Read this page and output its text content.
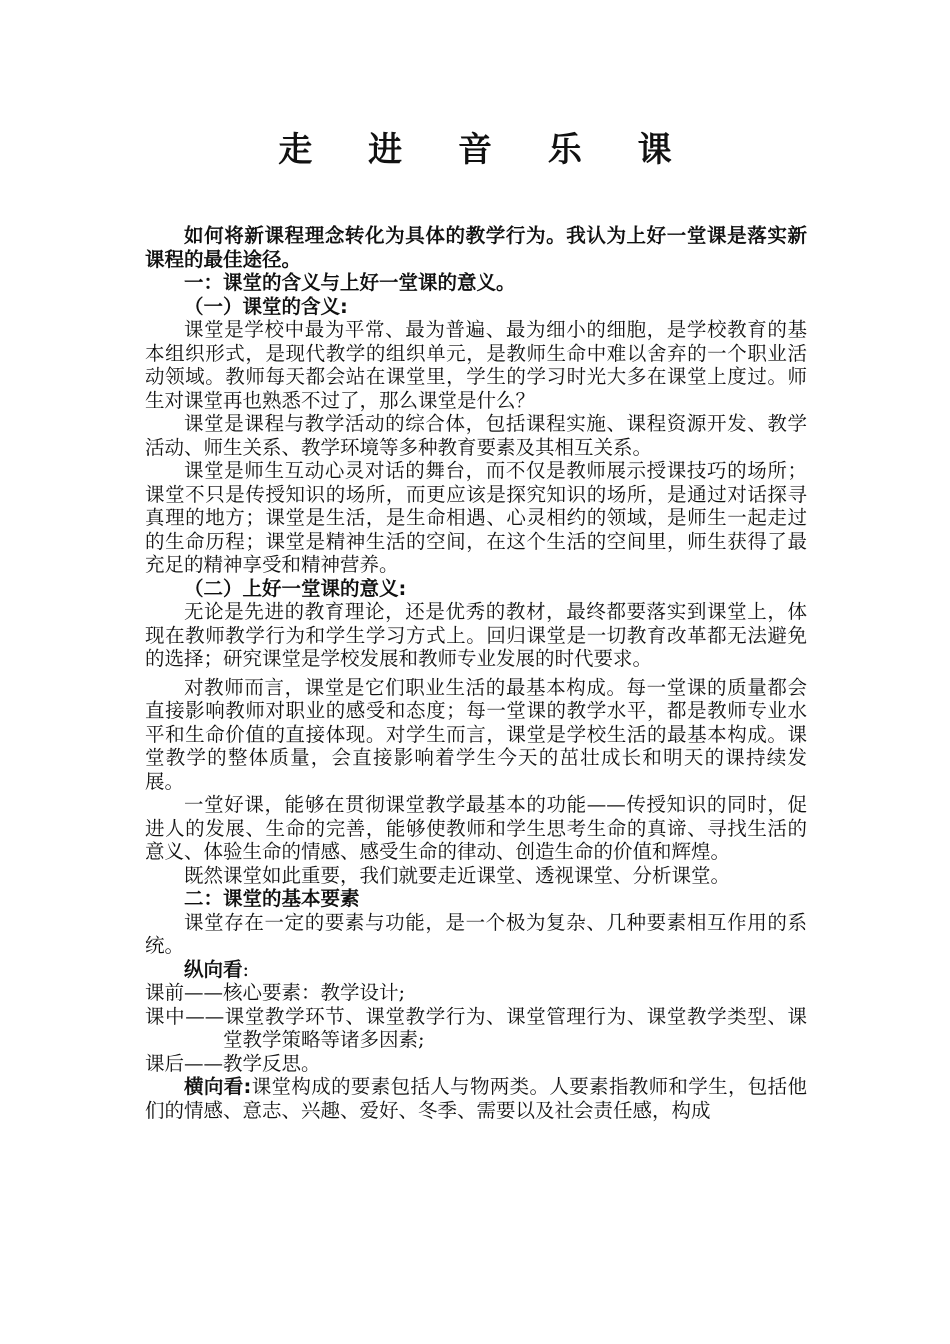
走 进 音 乐 课

如何将新课程理念转化为具体的教学行为。我认为上好一堂课是落实新课程的最佳途径。

一：课堂的含义与上好一堂课的意义。

（一）课堂的含义:

课堂是学校中最为平常、最为普遍、最为细小的细胞，是学校教育的基本组织形式，是现代教学的组织单元，是教师生命中难以舍弃的一个职业活动领域。教师每天都会站在课堂里，学生的学习时光大多在课堂上度过。师生对课堂再也熟悉不过了，那么课堂是什么？

课堂是课程与教学活动的综合体，包括课程实施、课程资源开发、教学活动、师生关系、教学环境等多种教育要素及其相互关系。

课堂是师生互动心灵对话的舞台，而不仅是教师展示授课技巧的场所；课堂不只是传授知识的场所，而更应该是探究知识的场所，是通过对话探寻真理的地方；课堂是生活，是生命相遇、心灵相约的领域，是师生一起走过的生命历程；课堂是精神生活的空间，在这个生活的空间里，师生获得了最充足的精神享受和精神营养。

（二）上好一堂课的意义:

无论是先进的教育理论，还是优秀的教材，最终都要落实到课堂上，体现在教师教学行为和学生学习方式上。回归课堂是一切教育改革都无法避免的选择；研究课堂是学校发展和教师专业发展的时代要求。

对教师而言，课堂是它们职业生活的最基本构成。每一堂课的质量都会直接影响教师对职业的感受和态度；每一堂课的教学水平，都是教师专业水平和生命价值的直接体现。对学生而言，课堂是学校生活的最基本构成。课堂教学的整体质量，会直接影响着学生今天的茁壮成长和明天的课持续发展。

一堂好课，能够在贯彻课堂教学最基本的功能——传授知识的同时，促进人的发展、生命的完善，能够使教师和学生思考生命的真谛、寻找生活的意义、体验生命的情感、感受生命的律动、创造生命的价值和辉煌。

既然课堂如此重要，我们就要走近课堂、透视课堂、分析课堂。

二：课堂的基本要素

课堂存在一定的要素与功能，是一个极为复杂、几种要素相互作用的系统。

纵向看:

课前——核心要素：教学设计;

课中——课堂教学环节、课堂教学行为、课堂管理行为、课堂教学类型、课堂教学策略等诸多因素;

课后——教学反思。

横向看:课堂构成的要素包括人与物两类。人要素指教师和学生，包括他们的情感、意志、兴趣、爱好、冬季、需要以及社会责任感，构成
